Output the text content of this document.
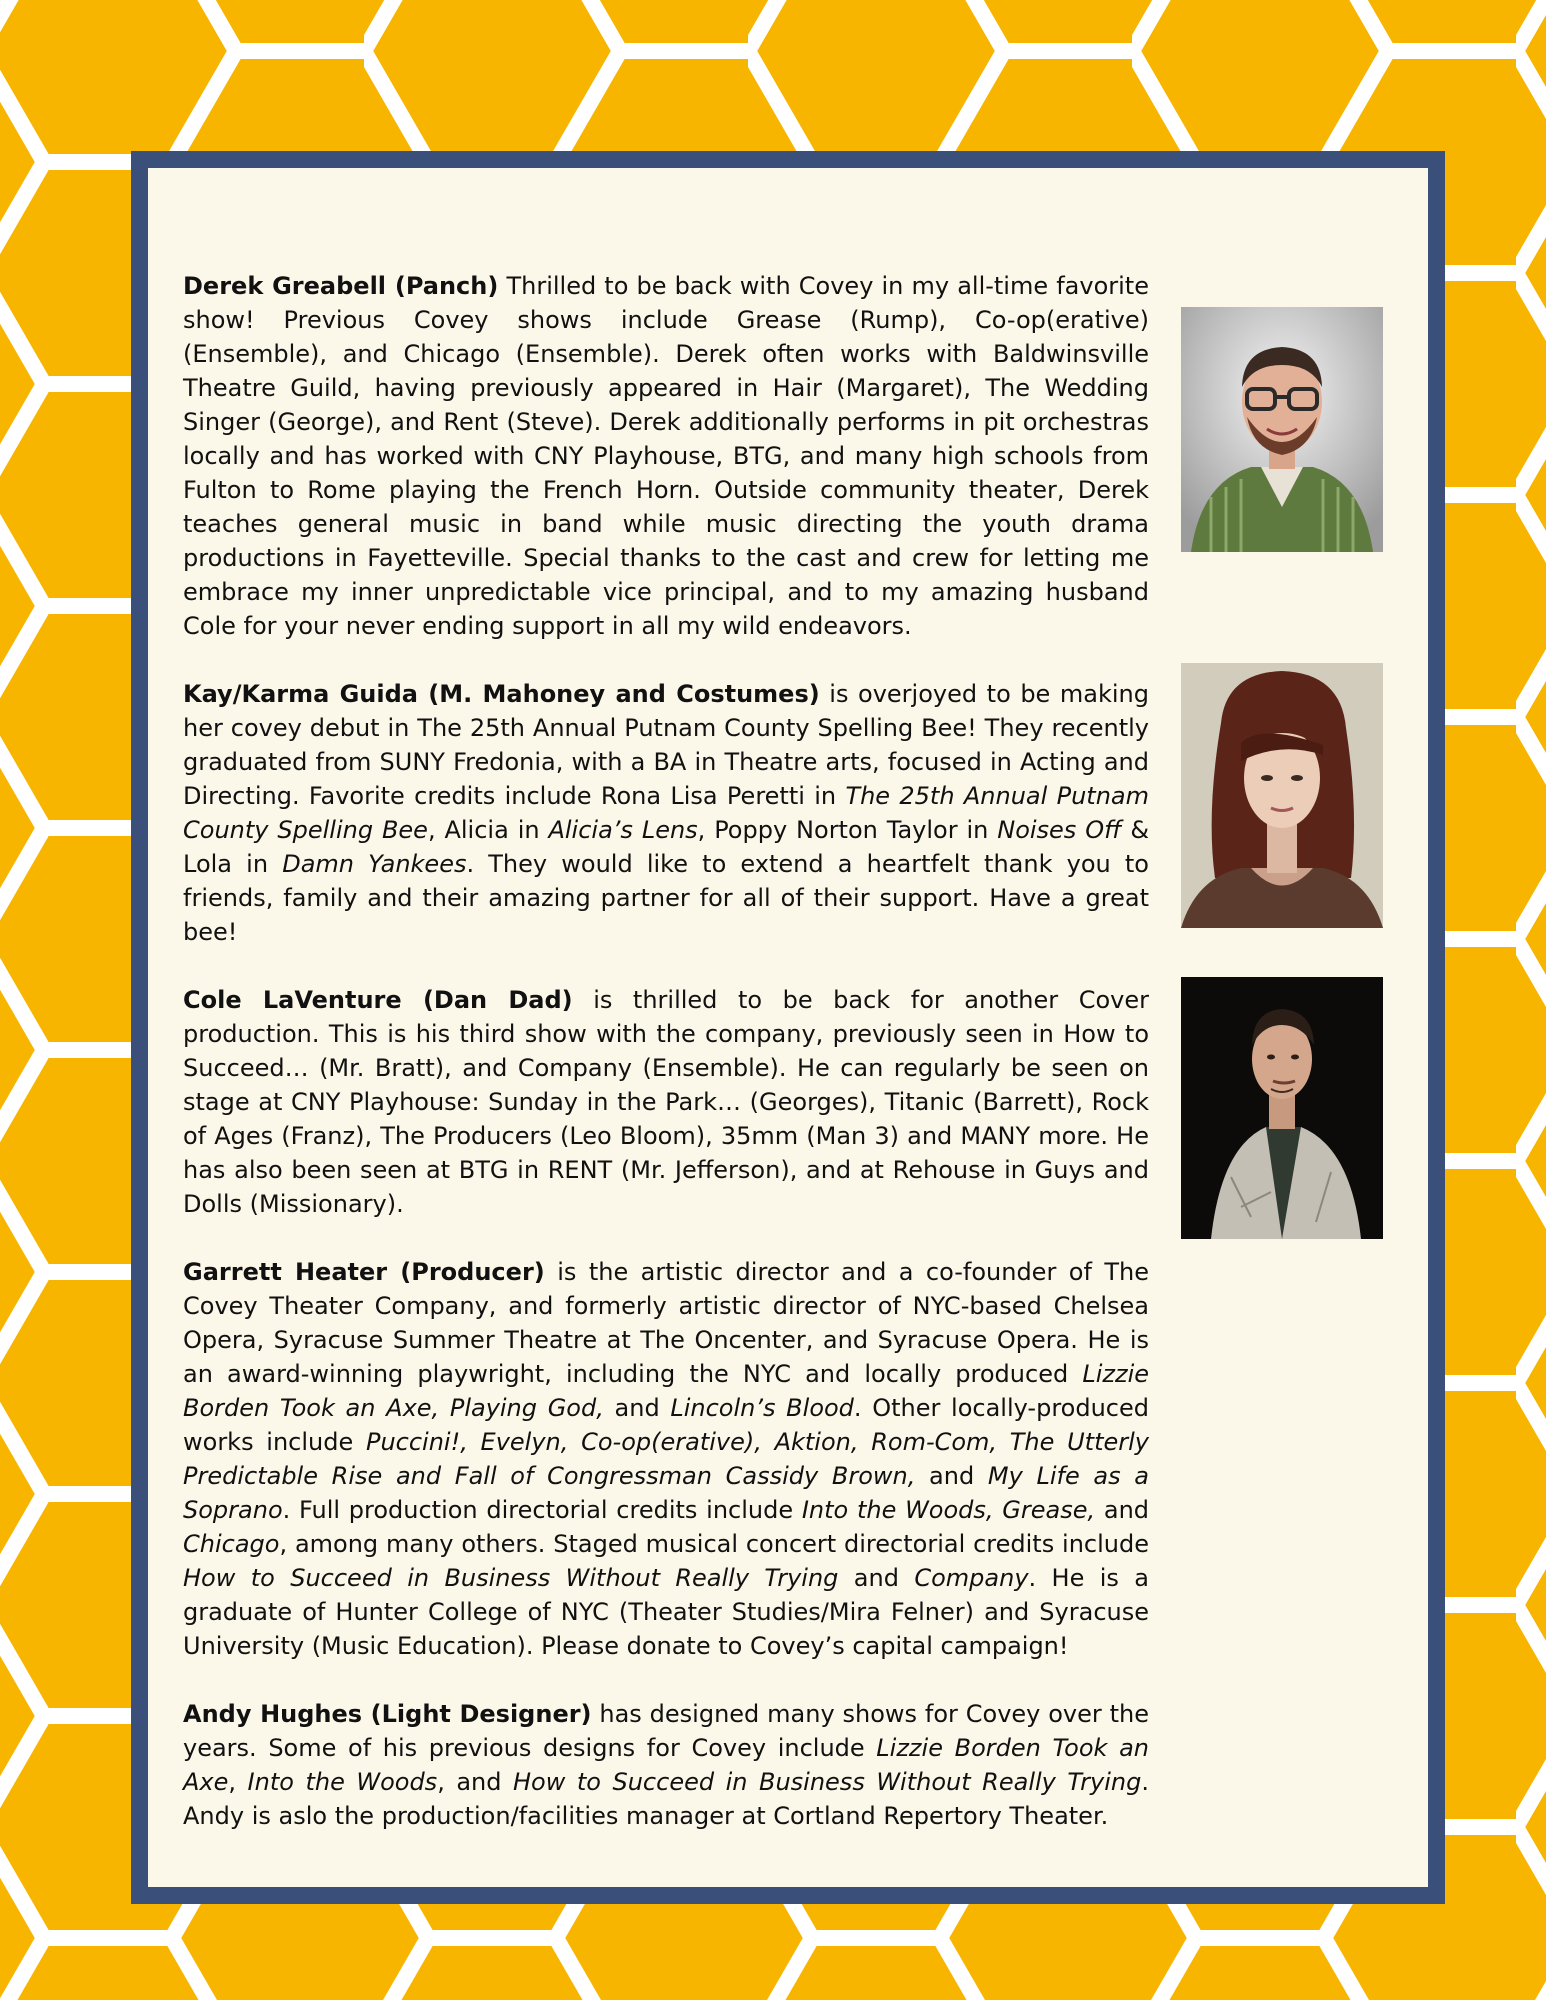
Derek Greabell (Panch) Thrilled to be back with Covey in my all-time favorite show! Previous Covey shows include Grease (Rump), Co-op(erative) (Ensemble), and Chicago (Ensemble). Derek often works with Baldwinsville Theatre Guild, having previously appeared in Hair (Margaret), The Wedding Singer (George), and Rent (Steve). Derek additionally performs in pit orchestras locally and has worked with CNY Playhouse, BTG, and many high schools from Fulton to Rome playing the French Horn. Outside community theater, Derek teaches general music in band while music directing the youth drama productions in Fayetteville. Special thanks to the cast and crew for letting me embrace my inner unpredictable vice principal, and to my amazing husband Cole for your never ending support in all my wild endeavors.

Kay/Karma Guida (M. Mahoney and Costumes) is overjoyed to be making her covey debut in The 25th Annual Putnam County Spelling Bee! They recently graduated from SUNY Fredonia, with a BA in Theatre arts, focused in Acting and Directing. Favorite credits include Rona Lisa Peretti in The 25th Annual Putnam County Spelling Bee, Alicia in Alicia’s Lens, Poppy Norton Taylor in Noises Off & Lola in Damn Yankees. They would like to extend a heartfelt thank you to friends, family and their amazing partner for all of their support. Have a great bee!

Cole LaVenture (Dan Dad) is thrilled to be back for another Cover production. This is his third show with the company, previously seen in How to Succeed… (Mr. Bratt), and Company (Ensemble). He can regularly be seen on stage at CNY Playhouse: Sunday in the Park… (Georges), Titanic (Barrett), Rock of Ages (Franz), The Producers (Leo Bloom), 35mm (Man 3) and MANY more. He has also been seen at BTG in RENT (Mr. Jefferson), and at Rehouse in Guys and Dolls (Missionary).

Garrett Heater (Producer) is the artistic director and a co-founder of The Covey Theater Company, and formerly artistic director of NYC-based Chelsea Opera, Syracuse Summer Theatre at The Oncenter, and Syracuse Opera. He is an award-winning playwright, including the NYC and locally produced Lizzie Borden Took an Axe, Playing God, and Lincoln’s Blood. Other locally-produced works include Puccini!, Evelyn, Co-op(erative), Aktion, Rom-Com, The Utterly Predictable Rise and Fall of Congressman Cassidy Brown, and My Life as a Soprano. Full production directorial credits include Into the Woods, Grease, and Chicago, among many others. Staged musical concert directorial credits include How to Succeed in Business Without Really Trying and Company. He is a graduate of Hunter College of NYC (Theater Studies/Mira Felner) and Syracuse University (Music Education). Please donate to Covey’s capital campaign!

Andy Hughes (Light Designer) has designed many shows for Covey over the years. Some of his previous designs for Covey include Lizzie Borden Took an Axe, Into the Woods, and How to Succeed in Business Without Really Trying. Andy is aslo the production/facilities manager at Cortland Repertory Theater.
